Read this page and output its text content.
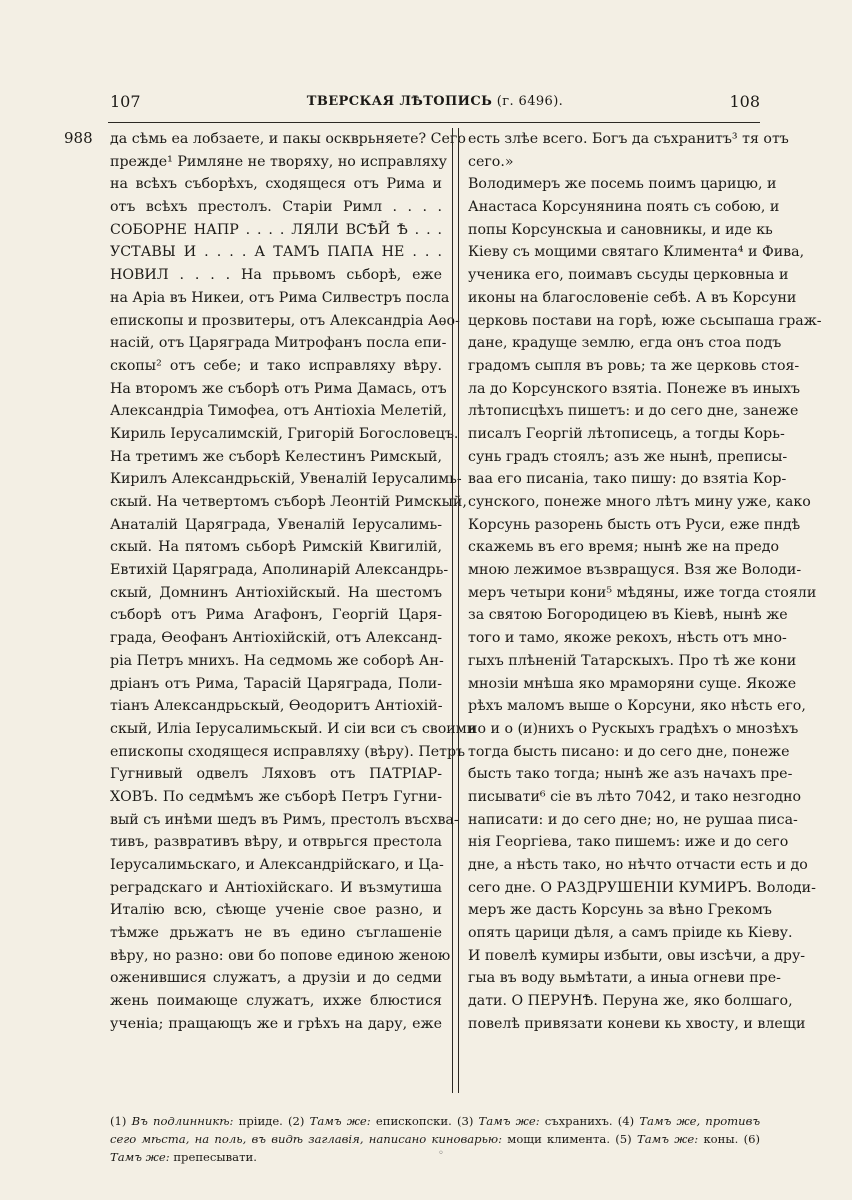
107	ТВЕРСКАЯ ЛѢТОПИСЬ (г. 6496).	108
988 да сѣмь еа лобзаете, и пакы оскврьняете? Сего
прежде¹ Римляне не творяху, но исправляху
на всѣхъ съборѣхъ, сходящеся отъ Рима и
отъ всѣхъ престолъ. Старіи Римл . . . .
СОБОРНЕ НАПР . . . . ЛЯЛИ ВСѢЙ Ѣ . . .
УСТАВЫ И . . . . А ТАМЪ ПАПА НЕ . . .
НОВИЛ . . . . На прьвомъ сьборѣ, еже
на Аріа въ Никеи, отъ Рима Силвестръ посла
епископы и прозвитеры, отъ Александріа Аѳо-
насій, отъ Царяграда Митрофанъ посла епи-
скопы² отъ себе; и тако исправляху вѣру.
На второмъ же съборѣ отъ Рима Дамась, отъ
Александріа Тимофеа, отъ Антіохіа Мелетій,
Кириль Іерусалимскій, Григорій Богословецъ.
На третимъ же съборѣ Келестинъ Римскый,
Кирилъ Александрьскій, Увеналій Іерусалимь-
скый. На четвертомъ съборѣ Леонтій Римскый,
Анаталій Царяграда, Увеналій Іерусалимь-
скый. На пятомъ сьборѣ Римскій Квигилій,
Евтихій Царяграда, Аполинарій Александрь-
скый, Домнинъ Антіохійскый. На шестомъ
съборѣ отъ Рима Агафонъ, Георгій Царя-
града, Ѳеофанъ Антіохійскій, отъ Александ-
ріа Петръ мнихъ. На седмомь же соборѣ Ан-
дріанъ отъ Рима, Тарасій Царяграда, Поли-
тіанъ Александрьскый, Ѳеодоритъ Антіохій-
скый, Иліа Іерусалимьскый. И сіи вси съ своими
епископы сходящеся исправляху (вѣру). Петръ
Гугнивый одвелъ Ляховъ отъ ПАТРІАР-
ХОВЪ. По седмѣмъ же съборѣ Петръ Гугни-
вый съ инѣми шедъ въ Римъ, престолъ въсхва-
тивъ, развративъ вѣру, и отврьгся престола
Іерусалимьскаго, и Александрійскаго, и Ца-
реградскаго и Антіохійскаго. И възмутиша
Италію всю, сѣюще ученіе свое разно, и
тѣмже дрьжатъ не въ едино съглашеніе
вѣру, но разно: ови бо попове единою женою
оженившися служатъ, а друзіи и до седми
жень поимающе служатъ, ихже блюстися
ученіа; пращающъ же и грѣхъ на дару, еже
есть злѣе всего. Богъ да съхранитъ³ тя отъ
сего.»
Володимеръ же посемь поимъ царицю, и
Анастаса Корсунянина поять съ собою, и
попы Корсунскыа и сановникы, и иде кь
Кіеву съ мощими святаго Климента⁴ и Фива,
ученика его, поимавъ сьсуды церковныа и
иконы на благословеніе себѣ. А въ Корсуни
церковь постави на горѣ, юже сьсыпаша граж-
дане, крадуще землю, егда онъ стоа подъ
градомъ сыпля въ ровь; та же церковь стоя-
ла до Корсунского взятіа. Понеже въ иныхъ
лѣтописцѣхъ пишетъ: и до сего дне, занеже
писалъ Георгій лѣтописець, а тогды Корь-
сунь градъ стоялъ; азъ же нынѣ, преписы-
ваа его писаніа, тако пишу: до взятіа Кор-
сунского, понеже много лѣтъ мину уже, како
Корсунь разорень бысть отъ Руси, еже пндѣ
скажемь въ его время; нынѣ же на предо
мною лежимое възвращуся. Взя же Володи-
меръ четыри кони⁵ мѣдяны, иже тогда стояли
за святою Богородицею въ Кіевѣ, нынѣ же
того и тамо, якоже рекохъ, нѣсть отъ мно-
гыхъ плѣненій Татарскыхъ. Про тѣ же кони
мнозіи мнѣша яко мраморяни суще. Якоже
рѣхъ маломъ выше о Корсуни, яко нѣсть его,
но и о (и)нихъ о Рускыхъ градѣхъ о мнозѣхъ
тогда бысть писано: и до сего дне, понеже
бысть тако тогда; нынѣ же азъ начахъ пре-
писывати⁶ сіе въ лѣто 7042, и тако незгодно
написати: и до сего дне; но, не рушаа писа-
нія Георгіева, тако пишемъ: иже и до сего
дне, а нѣсть тако, но нѣчто отчасти есть и до
сего дне. О РАЗДРУШЕНІИ КУМИРЪ. Володи-
меръ же дасть Корсунь за вѣно Грекомъ
опять царици дѣля, а самъ пріиде кь Кіеву.
И повелѣ кумиры избыти, овы изсѣчи, а дру-
гыа въ воду вьмѣтати, а иныа огневи пре-
дати. О ПЕРУНѢ. Перуна же, яко болшаго,
повелѣ привязати коневи кь хвосту, и влещи
(1) Въ подлинникѣ: пріиде. (2) Тамъ же: епископски. (3) Тамъ же: съхранихъ. (4) Тамъ же, противъ сего мѣста, на поль, въ видѣ заглавія, написано киноварью: мощи климента. (5) Тамъ же: коны. (6) Тамъ же: препесывати.	◦
